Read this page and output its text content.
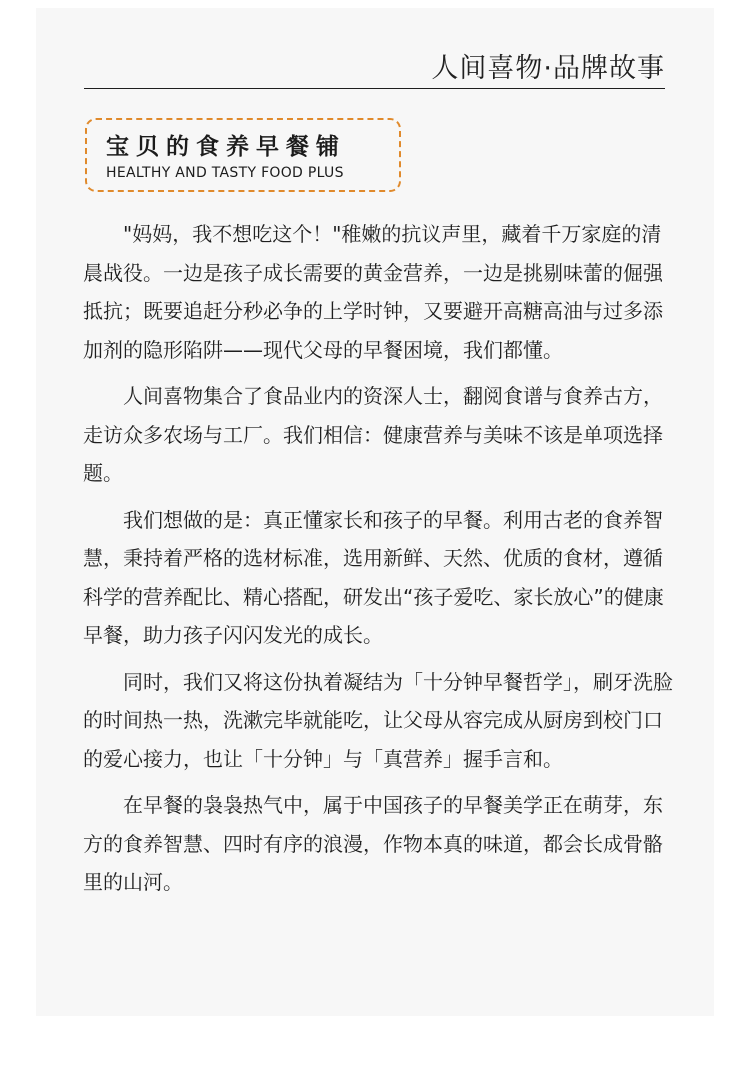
人间喜物·品牌故事
宝贝的食养早餐铺
HEALTHY AND TASTY FOOD PLUS

"妈妈，我不想吃这个！"稚嫩的抗议声里，藏着千万家庭的清晨战役。一边是孩子成长需要的黄金营养，一边是挑剔味蕾的倔强抵抗；既要追赶分秒必争的上学时钟，又要避开高糖高油与过多添加剂的隐形陷阱——现代父母的早餐困境，我们都懂。

人间喜物集合了食品业内的资深人士，翻阅食谱与食养古方，走访众多农场与工厂。我们相信：健康营养与美味不该是单项选择题。

我们想做的是：真正懂家长和孩子的早餐。利用古老的食养智慧，秉持着严格的选材标准，选用新鲜、天然、优质的食材，遵循科学的营养配比、精心搭配，研发出“孩子爱吃、家长放心”的健康早餐，助力孩子闪闪发光的成长。

同时，我们又将这份执着凝结为「十分钟早餐哲学」，刷牙洗脸的时间热一热，洗漱完毕就能吃，让父母从容完成从厨房到校门口的爱心接力，也让「十分钟」与「真营养」握手言和。

在早餐的袅袅热气中，属于中国孩子的早餐美学正在萌芽，东方的食养智慧、四时有序的浪漫，作物本真的味道，都会长成骨骼里的山河。
